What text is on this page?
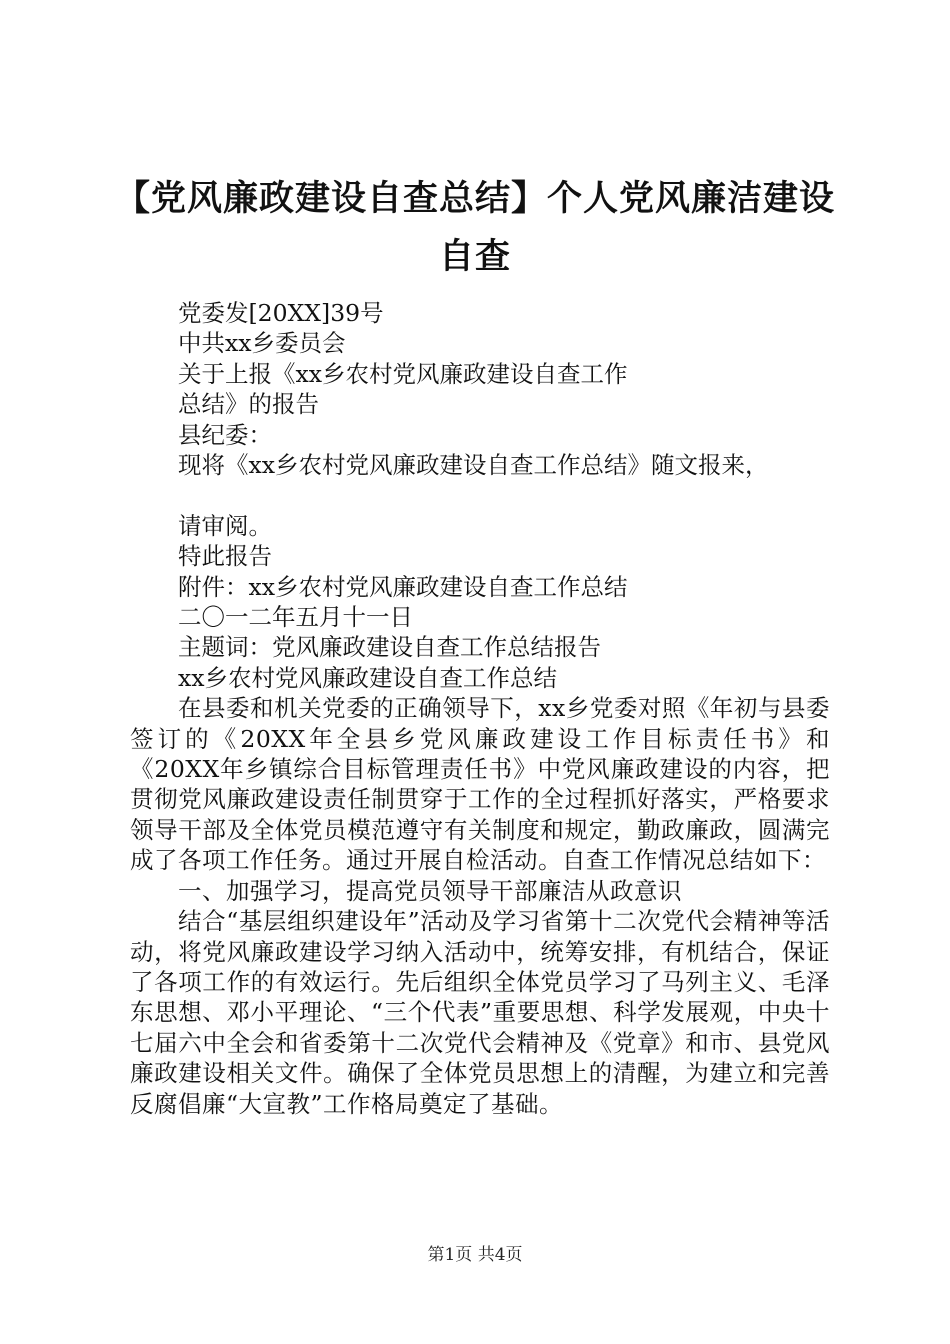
【党风廉政建设自查总结】个人党风廉洁建设
自查
党委发[20XX]39号
中共xx乡委员会
关于上报《xx乡农村党风廉政建设自查工作
总结》的报告
县纪委：
现将《xx乡农村党风廉政建设自查工作总结》随文报来，
请审阅。
特此报告
附件：xx乡农村党风廉政建设自查工作总结
二〇一二年五月十一日
主题词：党风廉政建设自查工作总结报告
xx乡农村党风廉政建设自查工作总结
在县委和机关党委的正确领导下，xx乡党委对照《年初与县委签订的《20XX年全县乡党风廉政建设工作目标责任书》和《20XX年乡镇综合目标管理责任书》中党风廉政建设的内容，把贯彻党风廉政建设责任制贯穿于工作的全过程抓好落实，严格要求领导干部及全体党员模范遵守有关制度和规定，勤政廉政，圆满完成了各项工作任务。通过开展自检活动。自查工作情况总结如下：
一、加强学习，提高党员领导干部廉洁从政意识
结合“基层组织建设年”活动及学习省第十二次党代会精神等活动，将党风廉政建设学习纳入活动中，统筹安排，有机结合，保证了各项工作的有效运行。先后组织全体党员学习了马列主义、毛泽东思想、邓小平理论、“三个代表”重要思想、科学发展观，中央十七届六中全会和省委第十二次党代会精神及《党章》和市、县党风廉政建设相关文件。确保了全体党员思想上的清醒，为建立和完善反腐倡廉“大宣教”工作格局奠定了基础。
第1页 共4页
